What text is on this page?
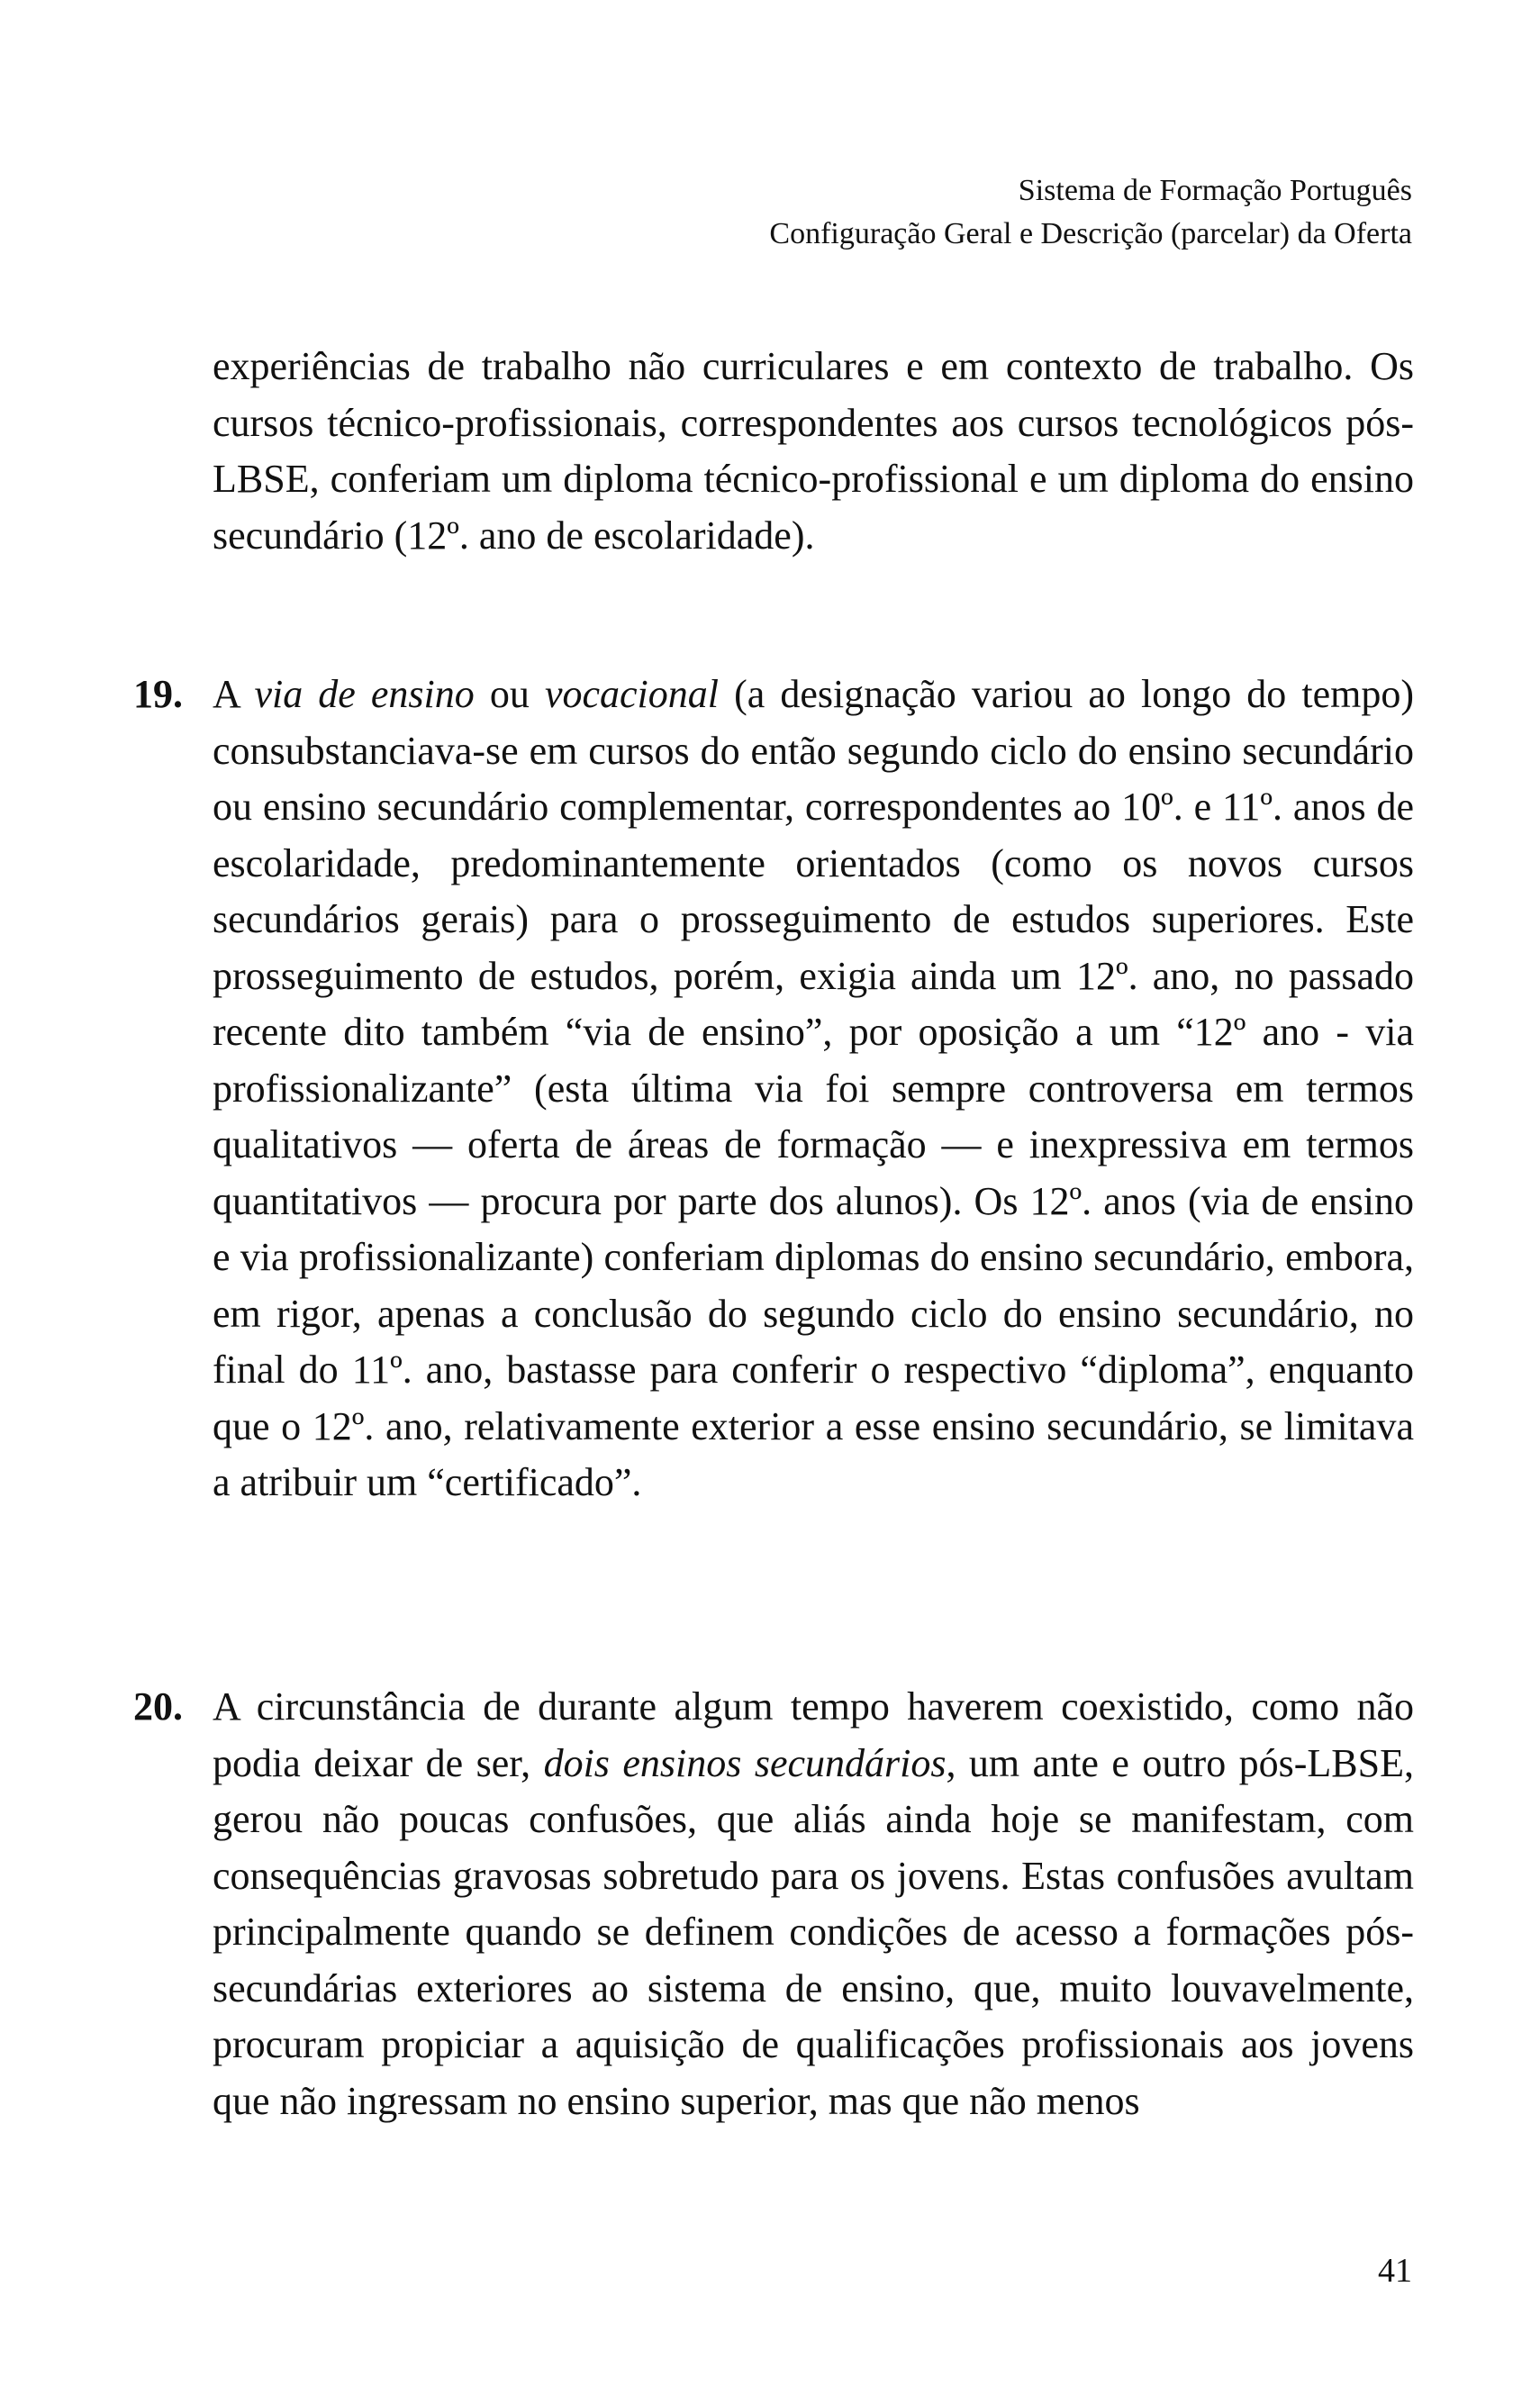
Sistema de Formação Português
Configuração Geral e Descrição (parcelar) da Oferta
experiências de trabalho não curriculares e em contexto de trabalho. Os cursos técnico-profissionais, correspondentes aos cursos tecnológicos pós-LBSE, conferiam um diploma técnico-profissional e um diploma do ensino secundário (12º. ano de escolaridade).
19. A via de ensino ou vocacional (a designação variou ao longo do tempo) consubstanciava-se em cursos do então segundo ciclo do ensino secundário ou ensino secundário complementar, correspondentes ao 10º. e 11º. anos de escolaridade, predominantemente orientados (como os novos cursos secundários gerais) para o prosseguimento de estudos superiores. Este prosseguimento de estudos, porém, exigia ainda um 12º. ano, no passado recente dito também “via de ensino”, por oposição a um “12º ano - via profissionalizante” (esta última via foi sempre controversa em termos qualitativos — oferta de áreas de formação — e inexpressiva em termos quantitativos — procura por parte dos alunos). Os 12º. anos (via de ensino e via profissionalizante) conferiam diplomas do ensino secundário, embora, em rigor, apenas a conclusão do segundo ciclo do ensino secundário, no final do 11º. ano, bastasse para conferir o respectivo “diploma”, enquanto que o 12º. ano, relativamente exterior a esse ensino secundário, se limitava a atribuir um “certificado”.
20. A circunstância de durante algum tempo haverem coexistido, como não podia deixar de ser, dois ensinos secundários, um ante e outro pós-LBSE, gerou não poucas confusões, que aliás ainda hoje se manifestam, com consequências gravosas sobretudo para os jovens. Estas confusões avultam principalmente quando se definem condições de acesso a formações pós-secundárias exteriores ao sistema de ensino, que, muito louvavelmente, procuram propiciar a aquisição de qualificações profissionais aos jovens que não ingressam no ensino superior, mas que não menos
41
